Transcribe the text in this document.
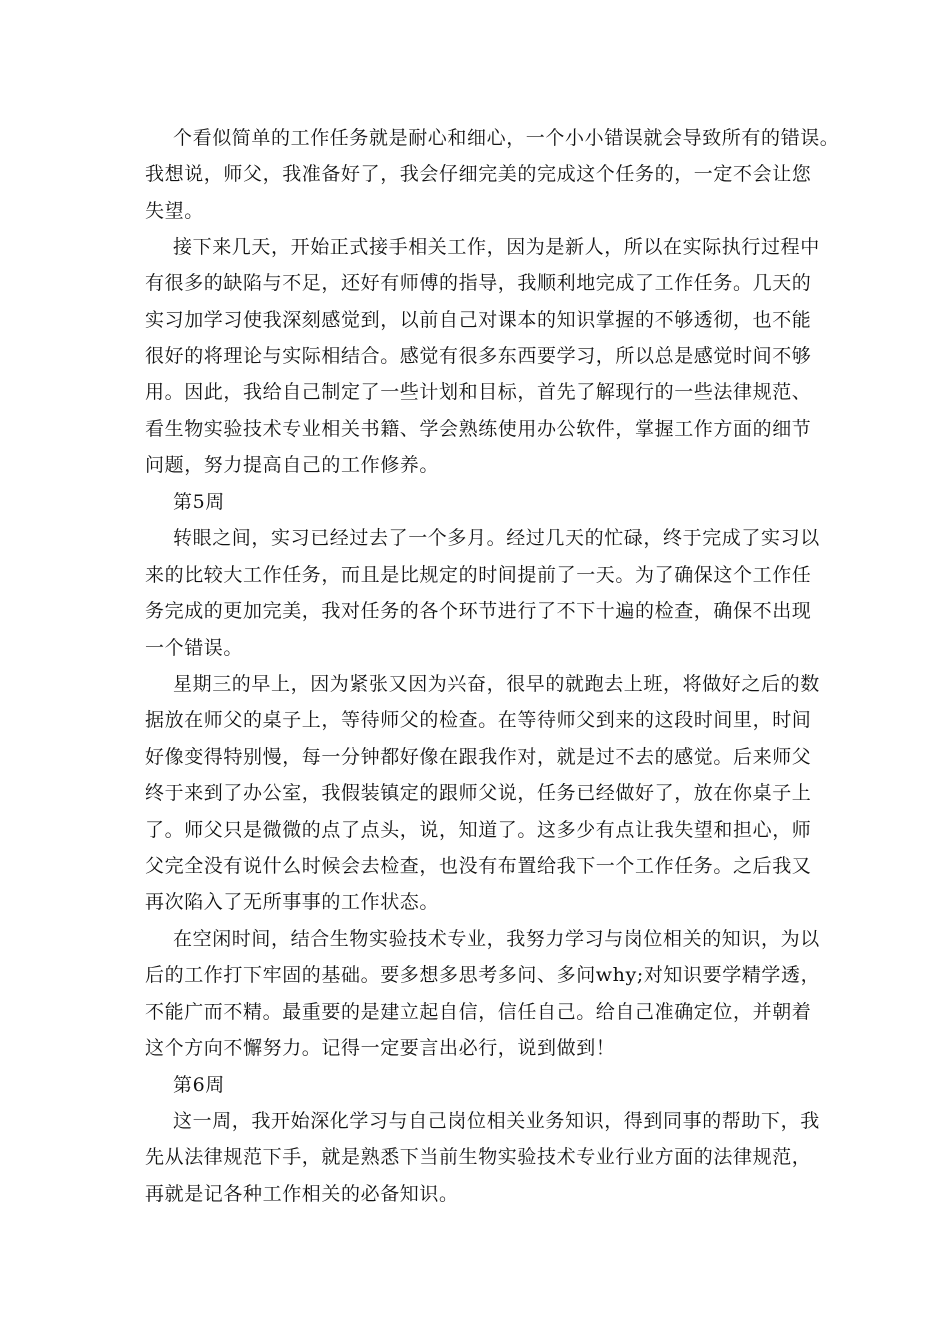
个看似简单的工作任务就是耐心和细心，一个小小错误就会导致所有的错误。

我想说，师父，我准备好了，我会仔细完美的完成这个任务的，一定不会让您

失望。

接下来几天，开始正式接手相关工作，因为是新人，所以在实际执行过程中

有很多的缺陷与不足，还好有师傅的指导，我顺利地完成了工作任务。几天的

实习加学习使我深刻感觉到，以前自己对课本的知识掌握的不够透彻，也不能

很好的将理论与实际相结合。感觉有很多东西要学习，所以总是感觉时间不够

用。因此，我给自己制定了一些计划和目标，首先了解现行的一些法律规范、

看生物实验技术专业相关书籍、学会熟练使用办公软件，掌握工作方面的细节

问题，努力提高自己的工作修养。

第5周

转眼之间，实习已经过去了一个多月。经过几天的忙碌，终于完成了实习以

来的比较大工作任务，而且是比规定的时间提前了一天。为了确保这个工作任

务完成的更加完美，我对任务的各个环节进行了不下十遍的检查，确保不出现

一个错误。

星期三的早上，因为紧张又因为兴奋，很早的就跑去上班，将做好之后的数

据放在师父的桌子上，等待师父的检查。在等待师父到来的这段时间里，时间

好像变得特别慢，每一分钟都好像在跟我作对，就是过不去的感觉。后来师父

终于来到了办公室，我假装镇定的跟师父说，任务已经做好了，放在你桌子上

了。师父只是微微的点了点头，说，知道了。这多少有点让我失望和担心，师

父完全没有说什么时候会去检查，也没有布置给我下一个工作任务。之后我又

再次陷入了无所事事的工作状态。

在空闲时间，结合生物实验技术专业，我努力学习与岗位相关的知识，为以

后的工作打下牢固的基础。要多想多思考多问、多问why;对知识要学精学透，

不能广而不精。最重要的是建立起自信，信任自己。给自己准确定位，并朝着

这个方向不懈努力。记得一定要言出必行，说到做到！

第6周

这一周，我开始深化学习与自己岗位相关业务知识，得到同事的帮助下，我

先从法律规范下手，就是熟悉下当前生物实验技术专业行业方面的法律规范，

再就是记各种工作相关的必备知识。
